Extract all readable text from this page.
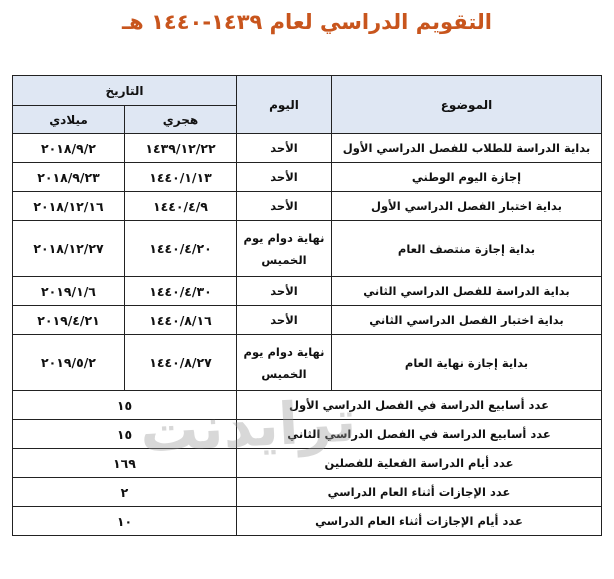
التقويم الدراسي لعام ١٤٣٩-١٤٤٠ هـ
الموضوع	اليوم	التاريخ	
		هجري	ميلادي
بداية الدراسة للطلاب للفصل الدراسي الأول	الأحد	١٤٣٩/١٢/٢٢	٢٠١٨/٩/٢
إجازة اليوم الوطني	الأحد	١٤٤٠/١/١٣	٢٠١٨/٩/٢٣
بداية اختبار الفصل الدراسي الأول	الأحد	١٤٤٠/٤/٩	٢٠١٨/١٢/١٦
بداية إجازة منتصف العام	نهاية دوام يوم الخميس	١٤٤٠/٤/٢٠	٢٠١٨/١٢/٢٧
بداية الدراسة للفصل الدراسي الثاني	الأحد	١٤٤٠/٤/٣٠	٢٠١٩/١/٦
بداية اختبار الفصل الدراسي الثاني	الأحد	١٤٤٠/٨/١٦	٢٠١٩/٤/٢١
بداية إجازة نهاية العام	نهاية دوام يوم الخميس	١٤٤٠/٨/٢٧	٢٠١٩/٥/٢
عدد أسابيع الدراسة في الفصل الدراسي الأول		١٥	
عدد أسابيع الدراسة في الفصل الدراسي الثاني		١٥	
عدد أيام الدراسة الفعلية للفصلين		١٦٩	
عدد الإجازات أثناء العام الدراسي		٢	
عدد أيام الإجازات أثناء العام الدراسي		١٠	
ترايدنت
